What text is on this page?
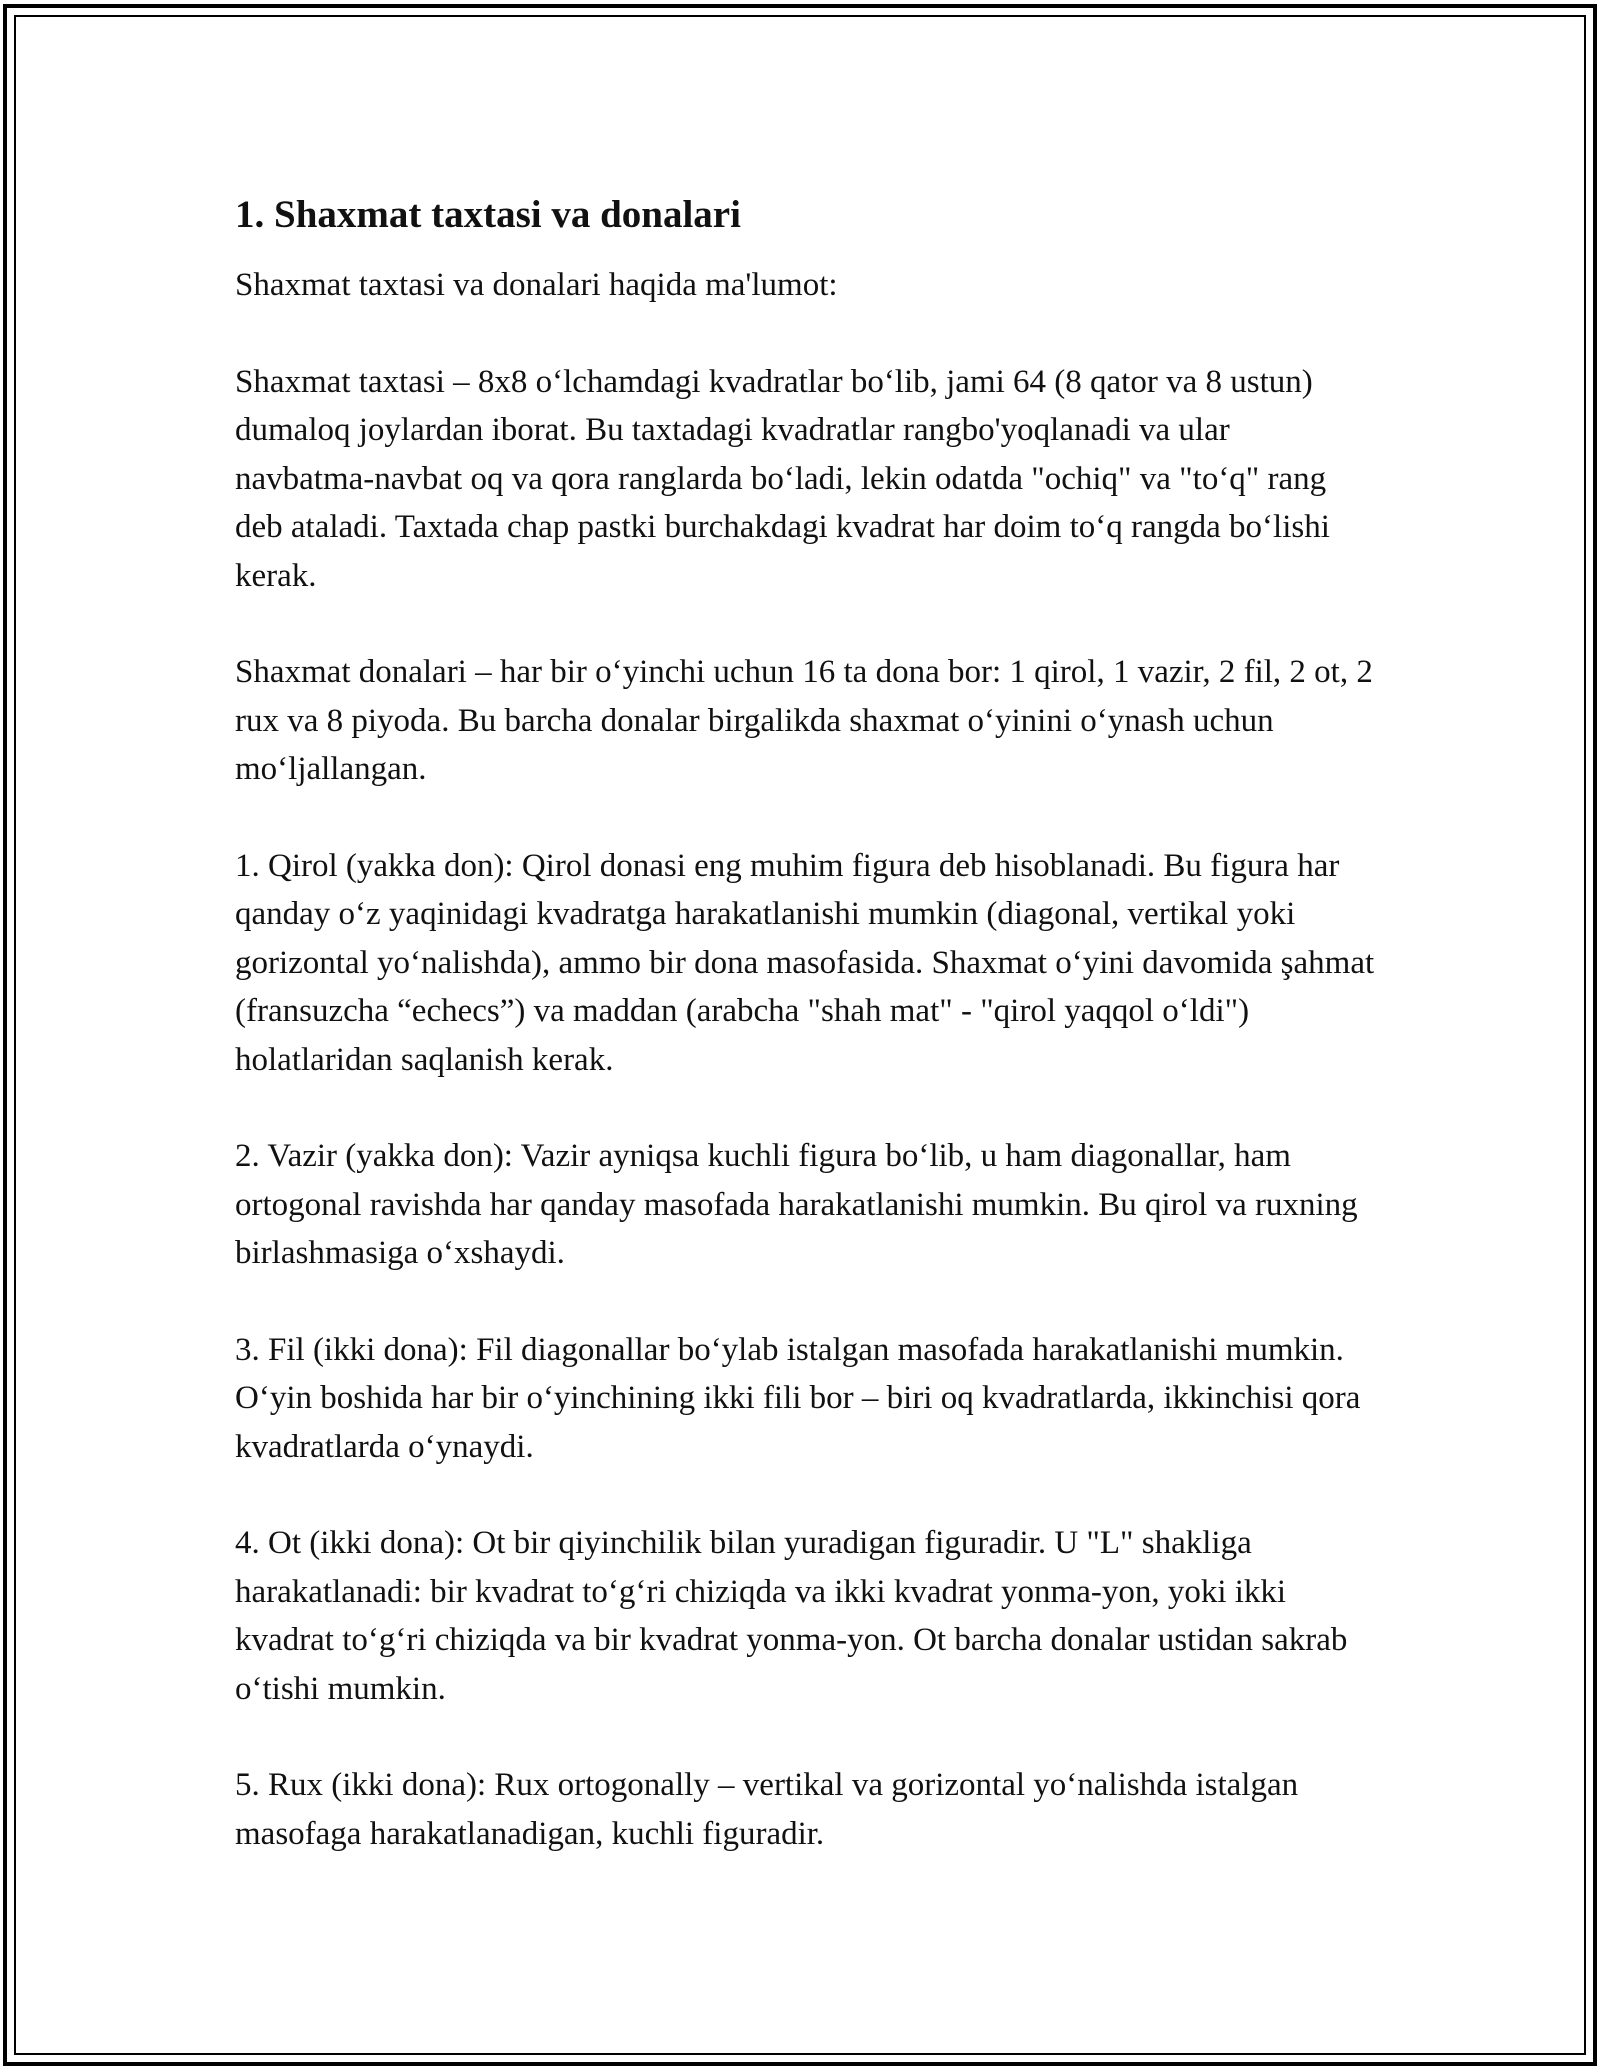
1. Shaxmat taxtasi va donalari

Shaxmat taxtasi va donalari haqida ma'lumot:

Shaxmat taxtasi – 8x8 oʻlchamdagi kvadratlar boʻlib, jami 64 (8 qator va 8 ustun) dumaloq joylardan iborat. Bu taxtadagi kvadratlar rangbo'yoqlanadi va ular navbatma-navbat oq va qora ranglarda boʻladi, lekin odatda "ochiq" va "toʻq" rang deb ataladi. Taxtada chap pastki burchakdagi kvadrat har doim toʻq rangda boʻlishi kerak.

Shaxmat donalari – har bir oʻyinchi uchun 16 ta dona bor: 1 qirol, 1 vazir, 2 fil, 2 ot, 2 rux va 8 piyoda. Bu barcha donalar birgalikda shaxmat oʻyinini oʻynash uchun moʻljallangan.

1. Qirol (yakka don): Qirol donasi eng muhim figura deb hisoblanadi. Bu figura har qanday oʻz yaqinidagi kvadratga harakatlanishi mumkin (diagonal, vertikal yoki gorizontal yoʻnalishda), ammo bir dona masofasida. Shaxmat oʻyini davomida şahmat (fransuzcha “echecs”) va maddan (arabcha "shah mat" - "qirol yaqqol oʻldi") holatlaridan saqlanish kerak.

2. Vazir (yakka don): Vazir ayniqsa kuchli figura boʻlib, u ham diagonallar, ham ortogonal ravishda har qanday masofada harakatlanishi mumkin. Bu qirol va ruxning birlashmasiga oʻxshaydi.

3. Fil (ikki dona): Fil diagonallar boʻylab istalgan masofada harakatlanishi mumkin. Oʻyin boshida har bir oʻyinchining ikki fili bor – biri oq kvadratlarda, ikkinchisi qora kvadratlarda oʻynaydi.

4. Ot (ikki dona): Ot bir qiyinchilik bilan yuradigan figuradir. U "L" shakliga harakatlanadi: bir kvadrat toʻgʻri chiziqda va ikki kvadrat yonma-yon, yoki ikki kvadrat toʻgʻri chiziqda va bir kvadrat yonma-yon. Ot barcha donalar ustidan sakrab oʻtishi mumkin.

5. Rux (ikki dona): Rux ortogonally – vertikal va gorizontal yoʻnalishda istalgan masofaga harakatlanadigan, kuchli figuradir.
